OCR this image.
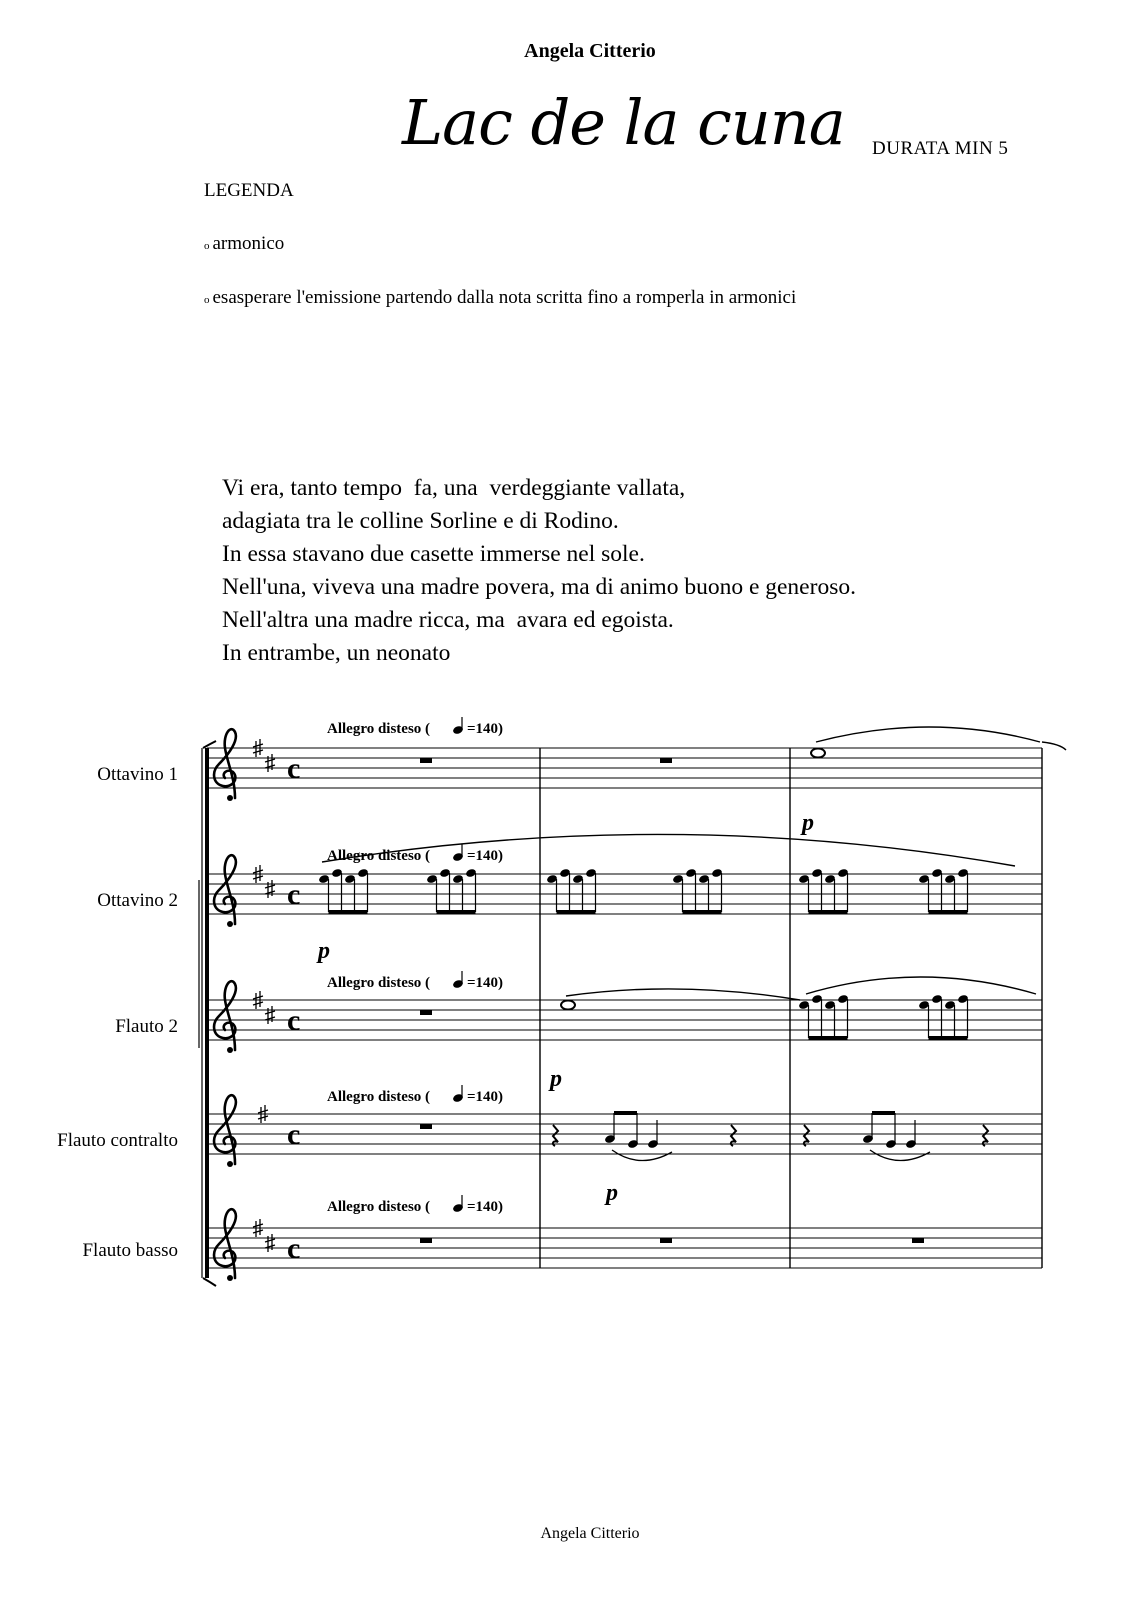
Angela Citterio
Lac de la cuna DURATA MIN 5
LEGENDA
o armonico
o esasperare l'emissione partendo dalla nota scritta fino a romperla in armonici
Vi era, tanto tempo  fa, una  verdeggiante vallata,
adagiata tra le colline Sorline e di Rodino.
In essa stavano due casette immerse nel sole.
Nell'una, viveva una madre povera, ma di animo buono e generoso.
Nell'altra una madre ricca, ma  avara ed egoista.
In entrambe, un neonato
Ottavino 1
Ottavino 2
Flauto 2
Flauto contralto
Flauto basso
c
c
c
c
c
Allegro disteso ( =140)
Allegro disteso ( =140)
Allegro disteso ( =140)
Allegro disteso ( =140)
Allegro disteso ( =140)
p
p
p
p
Angela Citterio
